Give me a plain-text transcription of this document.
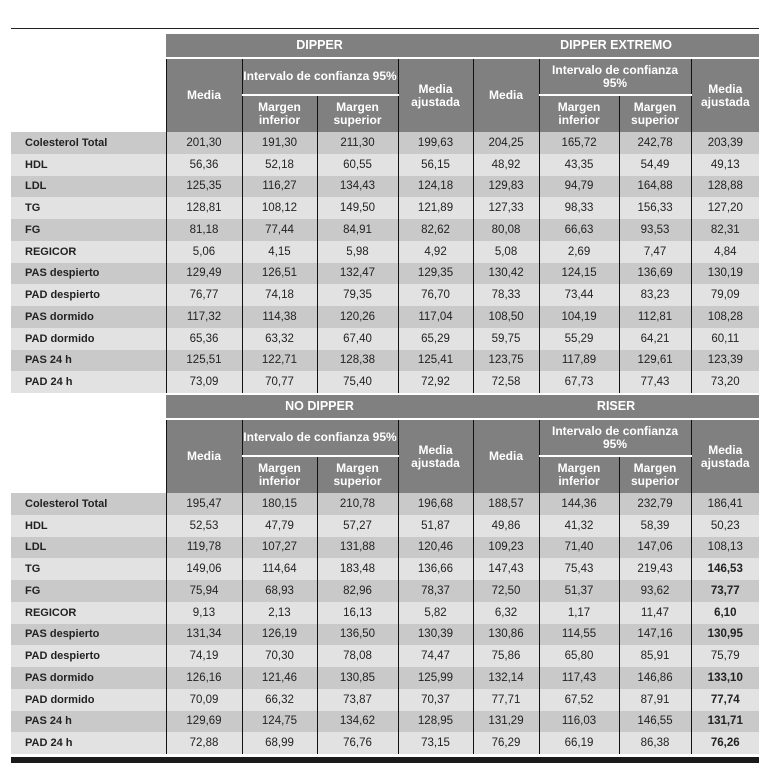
	DIPPER				DIPPER EXTREMO			
	Media	Intervalo de confianza 95%		Media ajustada	Media	Intervalo de confianza 95%		Media ajustada
		Margen inferior	Margen superior			Margen inferior	Margen superior	
Colesterol Total	201,30	191,30	211,30	199,63	204,25	165,72	242,78	203,39
HDL	56,36	52,18	60,55	56,15	48,92	43,35	54,49	49,13
LDL	125,35	116,27	134,43	124,18	129,83	94,79	164,88	128,88
TG	128,81	108,12	149,50	121,89	127,33	98,33	156,33	127,20
FG	81,18	77,44	84,91	82,62	80,08	66,63	93,53	82,31
REGICOR	5,06	4,15	5,98	4,92	5,08	2,69	7,47	4,84
PAS despierto	129,49	126,51	132,47	129,35	130,42	124,15	136,69	130,19
PAD despierto	76,77	74,18	79,35	76,70	78,33	73,44	83,23	79,09
PAS dormido	117,32	114,38	120,26	117,04	108,50	104,19	112,81	108,28
PAD dormido	65,36	63,32	67,40	65,29	59,75	55,29	64,21	60,11
PAS 24 h	125,51	122,71	128,38	125,41	123,75	117,89	129,61	123,39
PAD 24 h	73,09	70,77	75,40	72,92	72,58	67,73	77,43	73,20
	NO DIPPER				RISER			
	Media	Intervalo de confianza 95%		Media ajustada	Media	Intervalo de confianza 95%		Media ajustada
		Margen inferior	Margen superior			Margen inferior	Margen superior	
Colesterol Total	195,47	180,15	210,78	196,68	188,57	144,36	232,79	186,41
HDL	52,53	47,79	57,27	51,87	49,86	41,32	58,39	50,23
LDL	119,78	107,27	131,88	120,46	109,23	71,40	147,06	108,13
TG	149,06	114,64	183,48	136,66	147,43	75,43	219,43	146,53
FG	75,94	68,93	82,96	78,37	72,50	51,37	93,62	73,77
REGICOR	9,13	2,13	16,13	5,82	6,32	1,17	11,47	6,10
PAS despierto	131,34	126,19	136,50	130,39	130,86	114,55	147,16	130,95
PAD despierto	74,19	70,30	78,08	74,47	75,86	65,80	85,91	75,79
PAS dormido	126,16	121,46	130,85	125,99	132,14	117,43	146,86	133,10
PAD dormido	70,09	66,32	73,87	70,37	77,71	67,52	87,91	77,74
PAS 24 h	129,69	124,75	134,62	128,95	131,29	116,03	146,55	131,71
PAD 24 h	72,88	68,99	76,76	73,15	76,29	66,19	86,38	76,26
